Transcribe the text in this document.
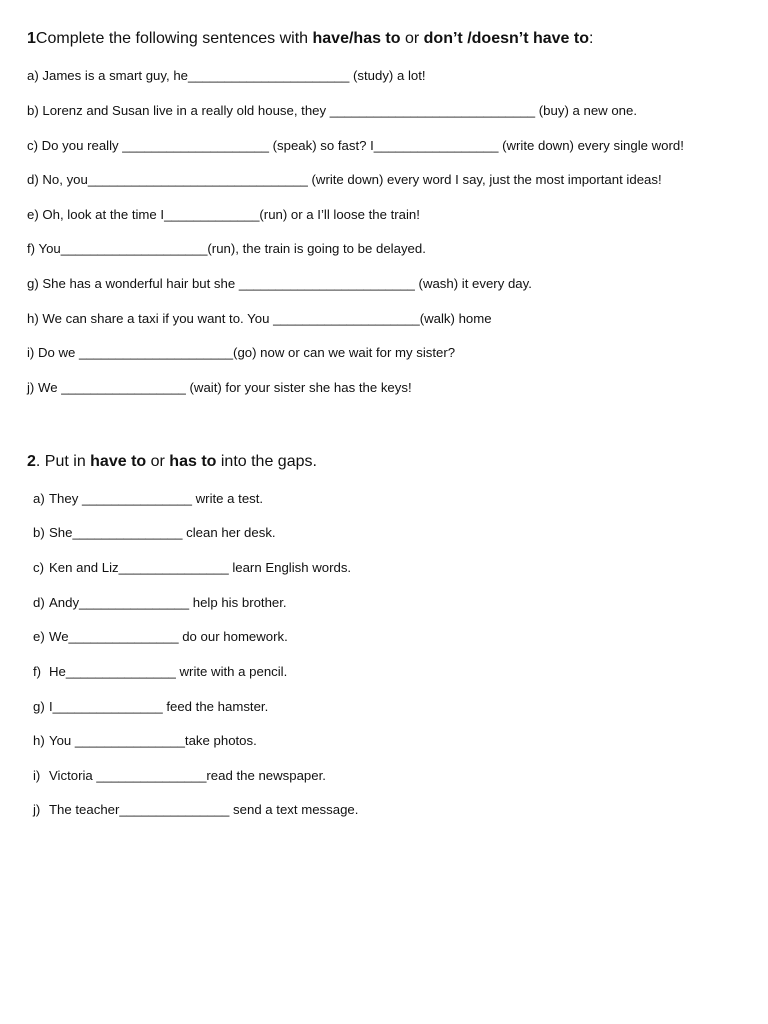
1Complete the following sentences with have/has to or don’t /doesn’t have to:
a) James is a smart guy, he______________________ (study) a lot!
b) Lorenz and Susan live in a really old house, they ____________________________ (buy) a new one.
c) Do you really ____________________ (speak) so fast? I_________________ (write down) every single word!
d) No, you______________________________ (write down) every word I say, just the most important ideas!
e) Oh, look at the time I_____________(run) or a I’ll loose the train!
f) You____________________(run), the train is going to be delayed.
g) She has a wonderful hair but she ________________________ (wash) it every day.
h) We can share a taxi if you want to. You ____________________(walk) home
i) Do we _____________________(go) now or can we wait for my sister?
j) We _________________ (wait) for your sister she has the keys!
2. Put in have to or has to into the gaps.
a) They _______________ write a test.
b) She_______________ clean her desk.
c) Ken and Liz_______________ learn English words.
d) Andy_______________ help his brother.
e) We_______________ do our homework.
f) He_______________ write with a pencil.
g) I_______________ feed the hamster.
h) You _______________take photos.
i) Victoria _______________read the newspaper.
j) The teacher_______________ send a text message.
